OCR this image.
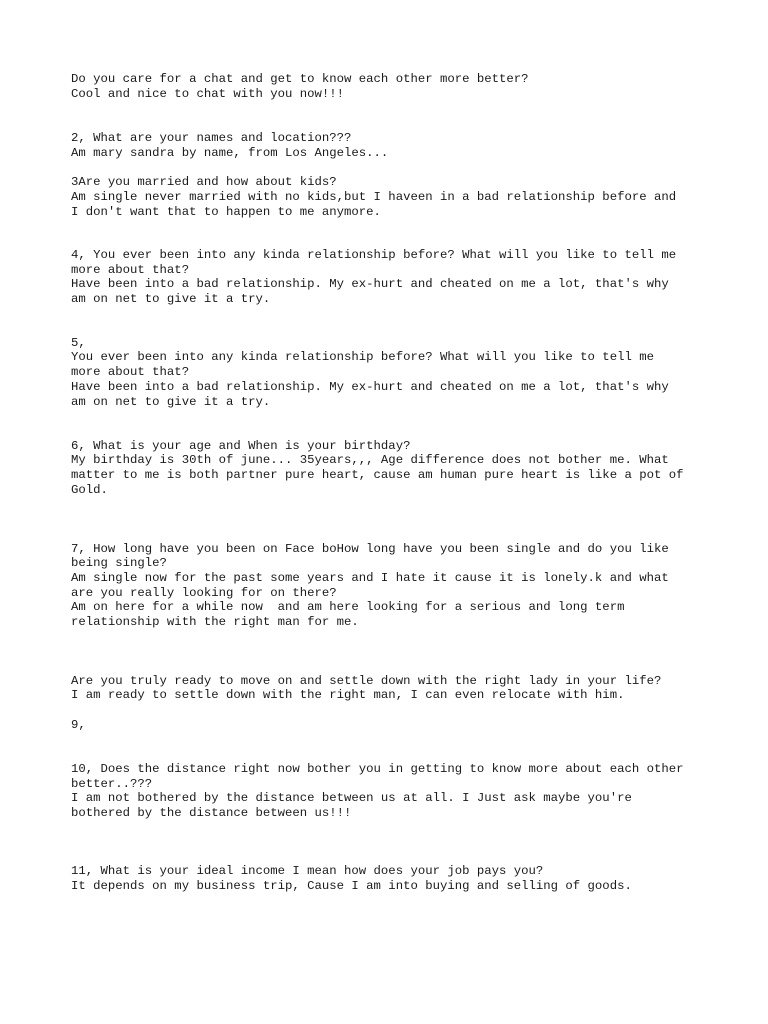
Do you care for a chat and get to know each other more better?

Cool and nice to chat with you now!!!

2, What are your names and location???

Am mary sandra by name, from Los Angeles...

3Are you married and how about kids?

Am single never married with no kids,but I haveen in a bad relationship before and

I don't want that to happen to me anymore.

4, You ever been into any kinda relationship before? What will you like to tell me

more about that?

Have been into a bad relationship. My ex-hurt and cheated on me a lot, that's why

am on net to give it a try.

5,

You ever been into any kinda relationship before? What will you like to tell me

more about that?

Have been into a bad relationship. My ex-hurt and cheated on me a lot, that's why

am on net to give it a try.

6, What is your age and When is your birthday?

My birthday is 30th of june... 35years,,, Age difference does not bother me. What

matter to me is both partner pure heart, cause am human pure heart is like a pot of

Gold.

7, How long have you been on Face boHow long have you been single and do you like

being single?

Am single now for the past some years and I hate it cause it is lonely.k and what

are you really looking for on there?

Am on here for a while now  and am here looking for a serious and long term

relationship with the right man for me.

Are you truly ready to move on and settle down with the right lady in your life?

I am ready to settle down with the right man, I can even relocate with him.

9,

10, Does the distance right now bother you in getting to know more about each other

better..???

I am not bothered by the distance between us at all. I Just ask maybe you're

bothered by the distance between us!!!

11, What is your ideal income I mean how does your job pays you?

It depends on my business trip, Cause I am into buying and selling of goods.
